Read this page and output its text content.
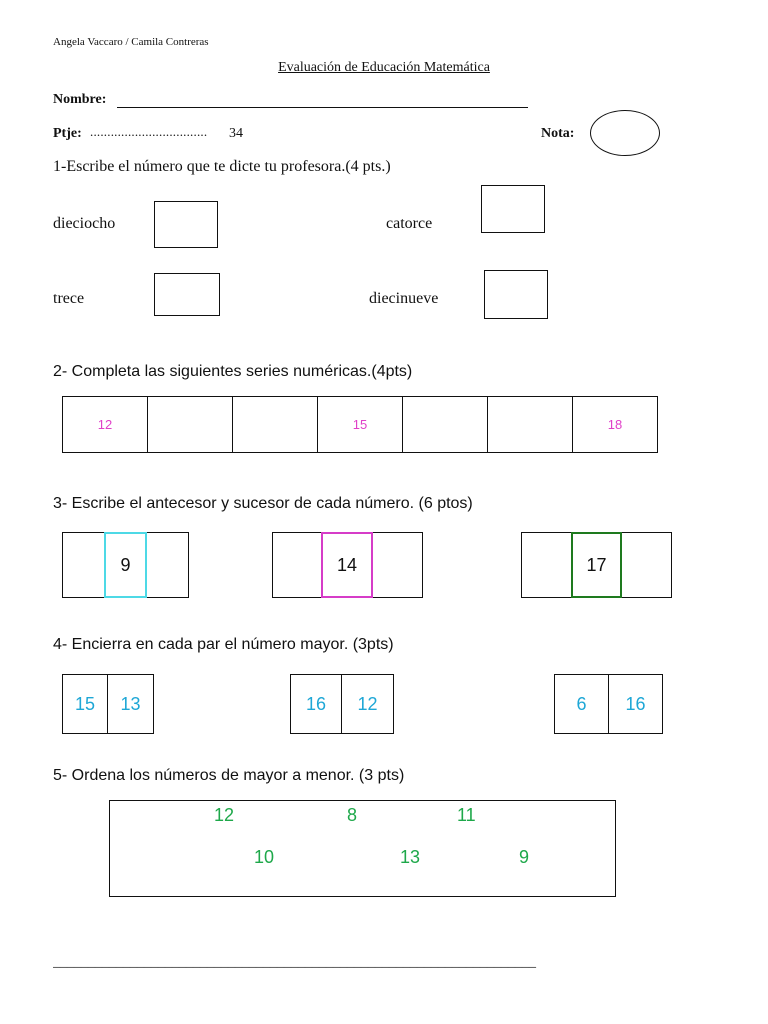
Angela Vaccaro / Camila Contreras
Evaluación de Educación Matemática
Nombre:
Ptje: .................................. 34	Nota:
1-Escribe el número que te dicte tu profesora.(4 pts.)
dieciocho	catorce
trece	diecinueve
2- Completa las siguientes series numéricas.(4pts)
12	15	18
3- Escribe el antecesor y sucesor de cada número. (6 ptos)
9	14	17
4- Encierra en cada par el número mayor. (3pts)
15	13	16	12	6	16
5- Ordena los números de mayor a menor. (3 pts)
12	8	11
10	13	9
_____________________________________________________________________
